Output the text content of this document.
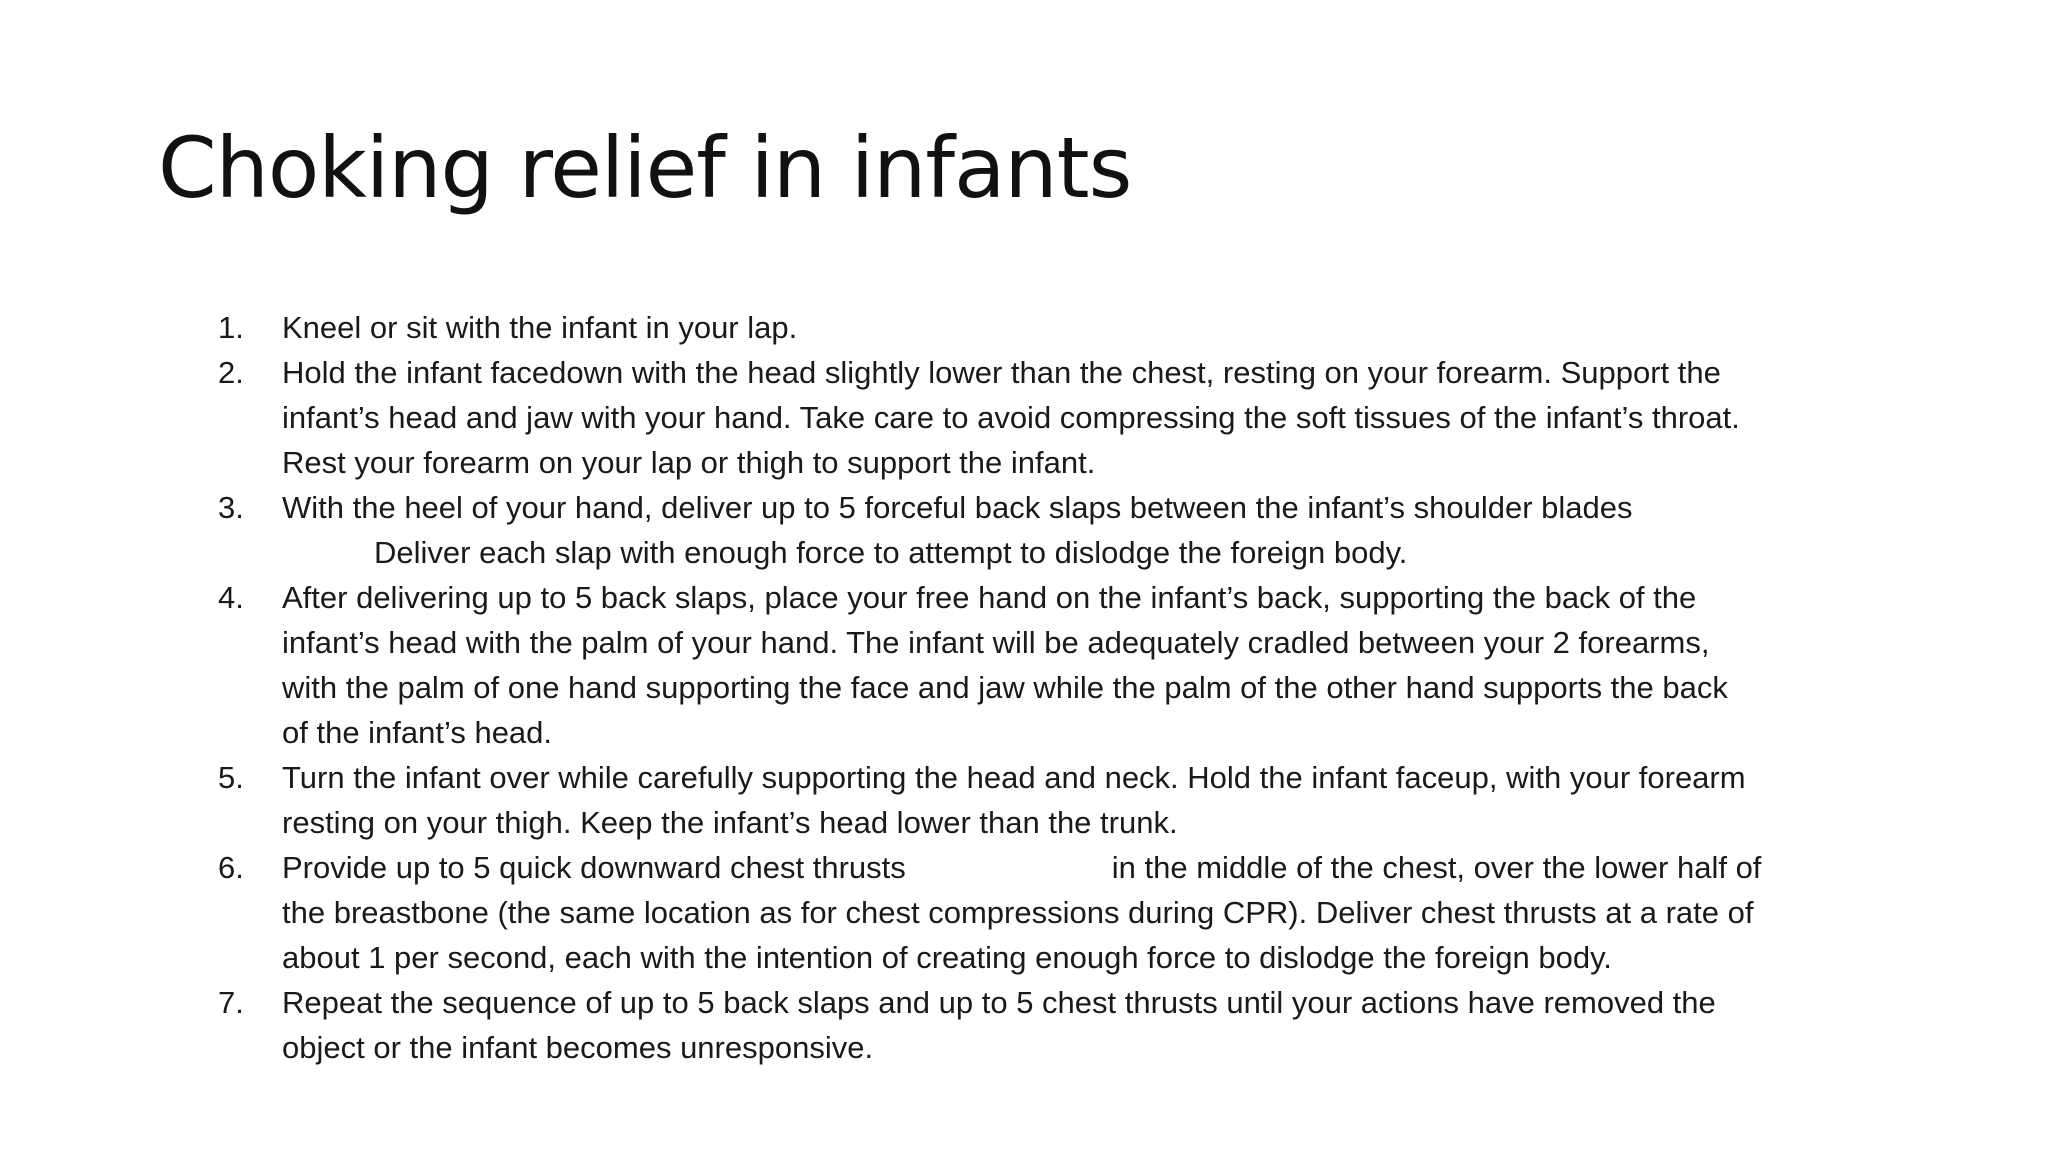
Choking relief in infants
1. Kneel or sit with the infant in your lap.
2. Hold the infant facedown with the head slightly lower than the chest, resting on your forearm. Support the
infant’s head and jaw with your hand. Take care to avoid compressing the soft tissues of the infant’s throat.
Rest your forearm on your lap or thigh to support the infant.
3. With the heel of your hand, deliver up to 5 forceful back slaps between the infant’s shoulder blades
Deliver each slap with enough force to attempt to dislodge the foreign body.
4. After delivering up to 5 back slaps, place your free hand on the infant’s back, supporting the back of the
infant’s head with the palm of your hand. The infant will be adequately cradled between your 2 forearms,
with the palm of one hand supporting the face and jaw while the palm of the other hand supports the back
of the infant’s head.
5. Turn the infant over while carefully supporting the head and neck. Hold the infant faceup, with your forearm
resting on your thigh. Keep the infant’s head lower than the trunk.
6. Provide up to 5 quick downward chest thrusts	in the middle of the chest, over the lower half of
the breastbone (the same location as for chest compressions during CPR). Deliver chest thrusts at a rate of
about 1 per second, each with the intention of creating enough force to dislodge the foreign body.
7. Repeat the sequence of up to 5 back slaps and up to 5 chest thrusts until your actions have removed the
object or the infant becomes unresponsive.
